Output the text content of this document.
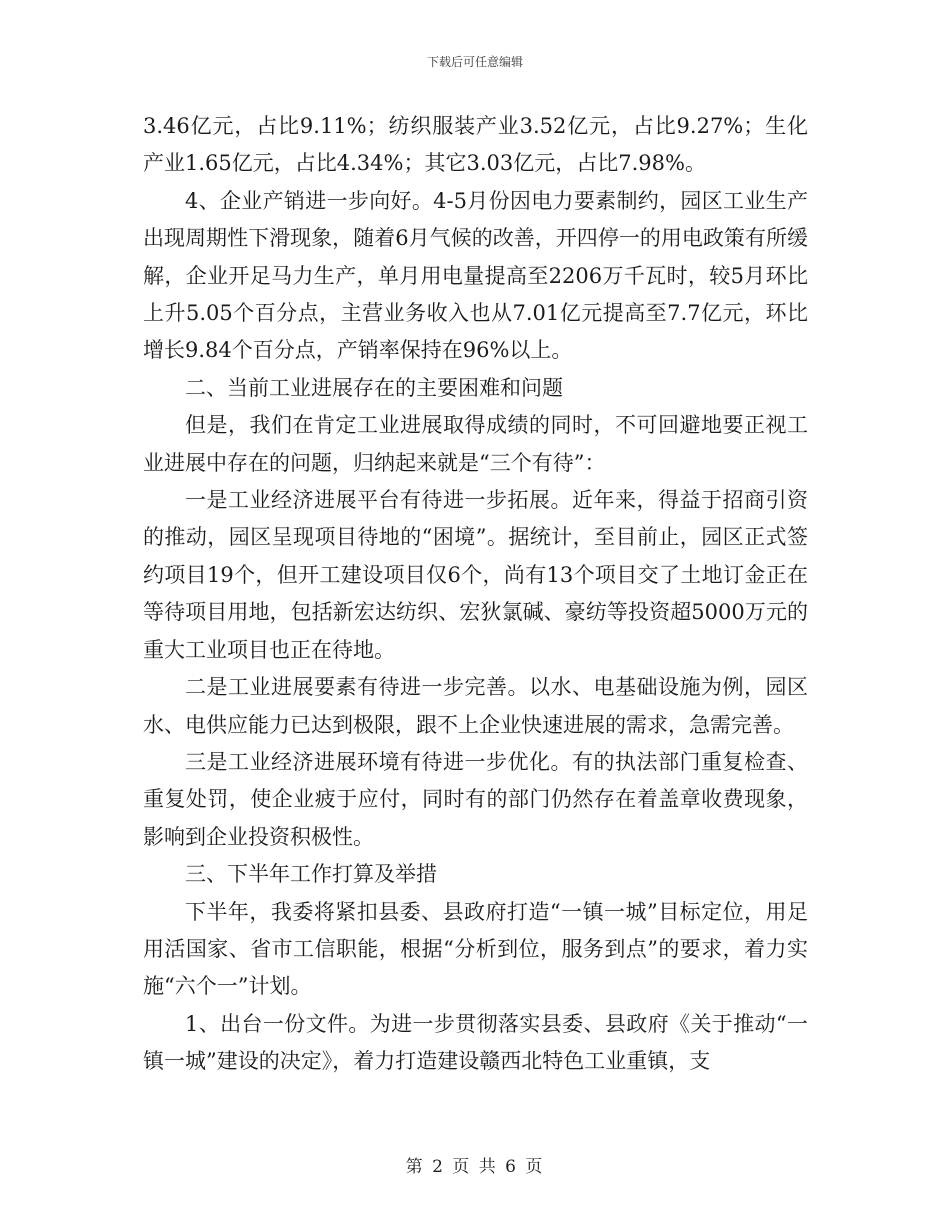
下载后可任意编辑

3.46亿元，占比9.11%；纺织服装产业3.52亿元，占比9.27%；生化产业1.65亿元，占比4.34%；其它3.03亿元，占比7.98%。

4、企业产销进一步向好。4-5月份因电力要素制约，园区工业生产出现周期性下滑现象，随着6月气候的改善，开四停一的用电政策有所缓解，企业开足马力生产，单月用电量提高至2206万千瓦时，较5月环比上升5.05个百分点，主营业务收入也从7.01亿元提高至7.7亿元，环比增长9.84个百分点，产销率保持在96%以上。

二、当前工业进展存在的主要困难和问题

但是，我们在肯定工业进展取得成绩的同时，不可回避地要正视工业进展中存在的问题，归纳起来就是“三个有待”：

一是工业经济进展平台有待进一步拓展。近年来，得益于招商引资的推动，园区呈现项目待地的“困境”。据统计，至目前止，园区正式签约项目19个，但开工建设项目仅6个，尚有13个项目交了土地订金正在等待项目用地，包括新宏达纺织、宏狄氯碱、豪纺等投资超5000万元的重大工业项目也正在待地。

二是工业进展要素有待进一步完善。以水、电基础设施为例，园区水、电供应能力已达到极限，跟不上企业快速进展的需求，急需完善。

三是工业经济进展环境有待进一步优化。有的执法部门重复检查、重复处罚，使企业疲于应付，同时有的部门仍然存在着盖章收费现象，影响到企业投资积极性。

三、下半年工作打算及举措

下半年，我委将紧扣县委、县政府打造“一镇一城”目标定位，用足用活国家、省市工信职能，根据“分析到位，服务到点”的要求，着力实施“六个一”计划。

1、出台一份文件。为进一步贯彻落实县委、县政府《关于推动“一镇一城”建设的决定》，着力打造建设赣西北特色工业重镇，支

第 2 页 共 6 页
